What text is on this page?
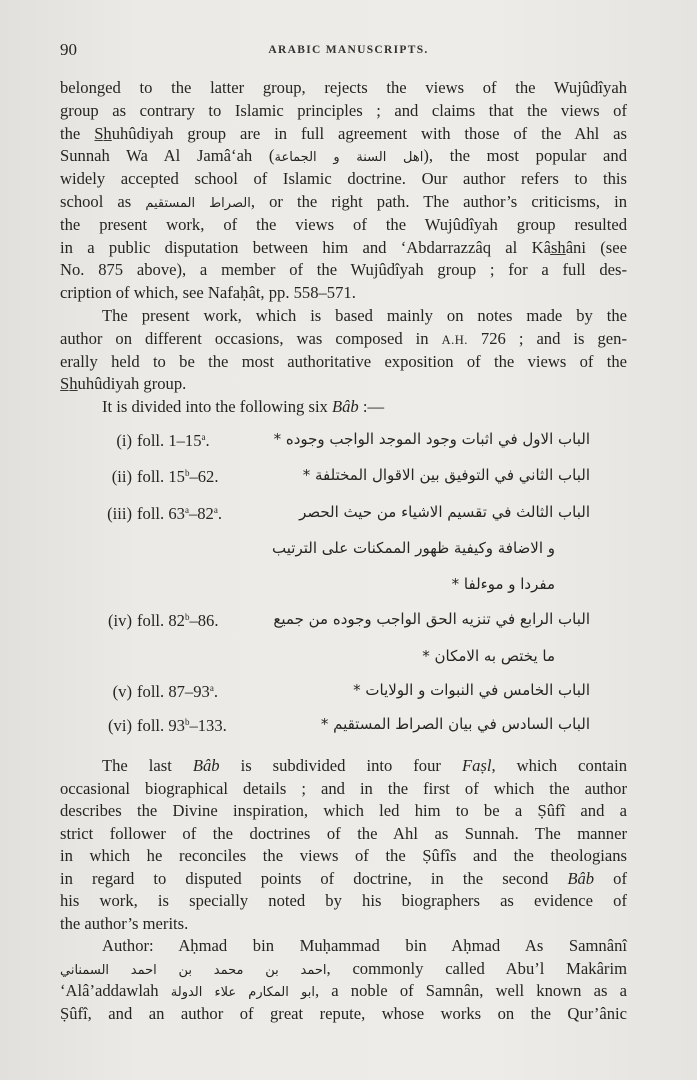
90	ARABIC MANUSCRIPTS.
belonged to the latter group, rejects the views of the Wujûdîyah
group as contrary to Islamic principles ; and claims that the views of
the S̲h̲uhûdiyah group are in full agreement with those of the Ahl as
Sunnah Wa Al Jamâ‘ah (اهل السنة و الجماعة), the most popular and
widely accepted school of Islamic doctrine. Our author refers to this
school as الصراط المستقيم, or the right path. The author’s criticisms, in
the present work, of the views of the Wujûdîyah group resulted
in a public disputation between him and ‘Abdarrazzâq al Kâs̲h̲âni (see
No. 875 above), a member of the Wujûdîyah group ; for a full des-
cription of which, see Nafaḥât, pp. 558–571.
The present work, which is based mainly on notes made by the
author on different occasions, was composed in A.H. 726 ; and is gen-
erally held to be the most authoritative exposition of the views of the
S̲h̲uhûdiyah group.
It is divided into the following six Bâb :—
(i) foll. 1–15$^a$.
(ii) foll. 15$^b$–62.
(iii) foll. 63$^a$–82$^a$.
(iv) foll. 82$^b$–86.
(v) foll. 87–93$^a$.
(vi) foll. 93$^b$–133.
The last Bâb is subdivided into four Faṣl, which contain
occasional biographical details ; and in the first of which the author
describes the Divine inspiration, which led him to be a Ṣûfî and a
strict follower of the doctrines of the Ahl as Sunnah. The manner
in which he reconciles the views of the Ṣûfîs and the theologians
in regard to disputed points of doctrine, in the second Bâb of
his work, is specially noted by his biographers as evidence of
the author’s merits.
Author: Aḥmad bin Muḥammad bin Aḥmad As Samnânî
احمد بن محمد بن احمد السمناني, commonly called Abu’l Makârim
‘Alâ’addawlah ابو المكارم علاء الدولة, a noble of Samnân, well known as a
Ṣûfî, and an author of great repute, whose works on the Qur’ânic
الباب الاول في اثبات وجود الموجد الواجب وجوده *
الباب الثاني في التوفيق بين الاقوال المختلفة *
الباب الثالث في تقسيم الاشياء من حيث الحصر
و الاضافة وكيفية ظهور الممكنات على الترتيب
مفردا و موءلفا *
الباب الرابع في تنزيه الحق الواجب وجوده من جميع
ما يختص به الامكان *
الباب الخامس في النبوات و الولايات *
الباب السادس في بيان الصراط المستقيم *
